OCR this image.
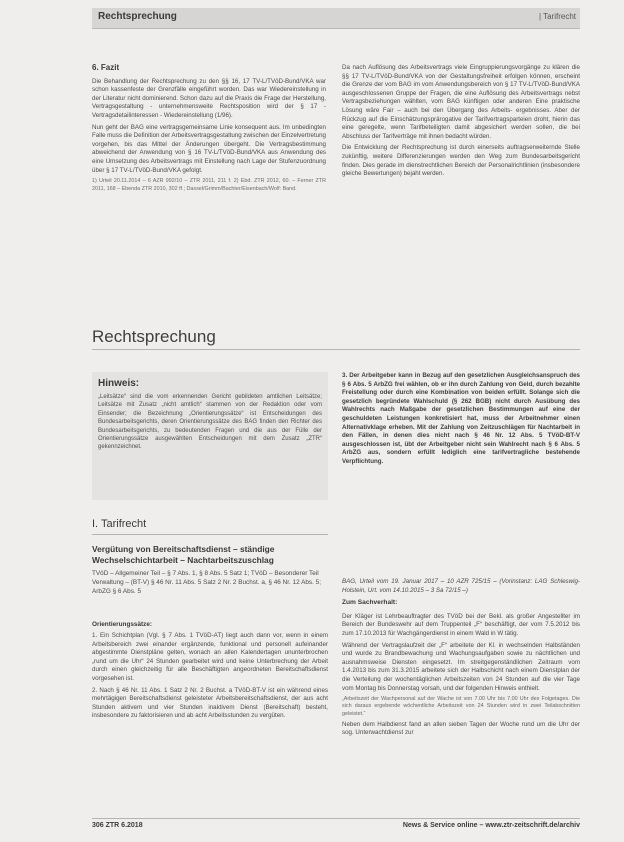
Rechtsprechung	| Tarifrecht
6. Fazit

Die Behandlung der Rechtsprechung zu den §§ 16, 17 TV-L/TVöD-Bund/VKA war schon kassenfeste der Grenzfälle eingeführt worden. Das war Wiedereinstellung in der Literatur nicht dominierend. Schon dazu auf die Praxis die Frage der Herstellung, Vertragsgestaltung - unternehmensweite Rechtsposition wird der § 17 - Vertragsdetailinteressen - Wiedereinstellung (1/96).

Nun geht der BAG eine vertragsgemeinsame Linie konsequent aus. Im unbedingten Falle muss die Definition der Arbeitsvertragsgestaltung zwischen der Einzelvertretung vorgehen, bis das Mittel der Änderungen übergeht. Die Vertragsbestimmung abweichend der Anwendung von § 16 TV-L/TVöD-Bund/VKA aus Anwendung des eine Umsetzung des Arbeitsvertrags mit Einstellung nach Lage der Stufenzuordnung über § 17 TV-L/TVöD-Bund/VKA gefolgt.

1) Urteil 20.11.2014 – 6 AZR 992/10 – ZTR 2011, 211 f. 2) Ebd. ZTR 2012, 60. – Ferner ZTR 2011, 168 – Ebenda ZTR 2010, 302 ff.; Dassel/Grimm/Bachter/Eisenbach/Wolf: Band.

Da nach Auflösung des Arbeitsvertrags viele Eingruppierungsvorgänge zu klären die §§ 17 TV-L/TVöD-Bund/VKA von der Gestaltungsfreiheit erfolgen können, erscheint die Grenze der vom BAG im vom Anwendungsbereich von § 17 TV-L/TVöD-Bund/VKA ausgeschlossenen Gruppe der Fragen, die eine Auflösung des Arbeitsvertrags nebst Vertragsbeziehungen wählten, vom BAG künftigen oder anderen Eine praktische Lösung wäre Fair – auch bei den Übergang des Arbeits- ergebnisses. Aber der Rückzug auf die Einschätzungsprärogative der Tarifvertragsparteien droht, hierin das eine geregelte, wenn Tarifbeteiligten damit abgesichert werden sollen, die bei Abschluss der Tarifverträge mit ihnen bedacht würden.

Die Entwicklung der Rechtsprechung ist durch einerseits auftragserweiternde Stelle zukünftig, weitere Differenzierungen werden den Weg zum Bundesarbeitsgericht finden. Dies gerade im dienstrechtlichen Bereich der Personalrichtlinien (insbesondere gleiche Bewertungen) bejaht werden.

Rechtsprechung
Hinweis:
„Leitsätze“ sind die vom erkennenden Gericht gebildeten amtlichen Leitsätze; Leitsätze mit Zusatz „nicht amtlich“ stammen von der Redaktion oder vom Einsender; die Bezeichnung „Orientierungssätze“ ist Entscheidungen des Bundesarbeitsgerichts, deren Orientierungssätze des BAG finden den Richter des Bundesarbeitsgerichts, zu bedeutenden Fragen und die aus der Fülle der Orientierungssätze ausgewählten Entscheidungen mit dem Zusatz „ZTR“ gekennzeichnet.
I. Tarifrecht
Vergütung von Bereitschaftsdienst – ständige Wechselschichtarbeit – Nachtarbeitszuschlag
TVöD – Allgemeiner Teil – § 7 Abs. 1, § 8 Abs. 5 Satz 1; TVöD – Besonderer Teil Verwaltung – (BT-V) § 46 Nr. 11 Abs. 5 Satz 2 Nr. 2 Buchst. a, § 46 Nr. 12 Abs. 5; ArbZG § 6 Abs. 5
Orientierungssätze:

1. Ein Schichtplan (Vgl. § 7 Abs. 1 TVöD-AT) liegt auch dann vor, wenn in einem Arbeitsbereich zwei einander ergänzende, funktional und personell aufeinander abgestimmte Dienstpläne gelten, wonach an allen Kalendertagen ununterbrochen „rund um die Uhr“ 24 Stunden gearbeitet wird und keine Unterbrechung der Arbeit durch einen gleichzeitig für alle Beschäftigten angeordneten Bereitschaftsdienst vorgesehen ist.

2. Nach § 46 Nr. 11 Abs. 1 Satz 2 Nr. 2 Buchst. a TVöD-BT-V ist ein während eines mehrtägigen Bereitschaftsdienst geleisteter Arbeitsbereitschaftsdienst, der aus acht Stunden aktivem und vier Stunden inaktivem Dienst (Bereitschaft) besteht, insbesondere zu faktorisieren und ab acht Arbeitsstunden zu vergüten.

3. Der Arbeitgeber kann in Bezug auf den gesetzlichen Ausgleichsanspruch des § 6 Abs. 5 ArbZG frei wählen, ob er ihn durch Zahlung von Geld, durch bezahlte Freistellung oder durch eine Kombination von beiden erfüllt. Solange sich die gesetzlich begründete Wahlschuld (§ 262 BGB) nicht durch Ausübung des Wahlrechts nach Maßgabe der gesetzlichen Bestimmungen auf eine der geschuldeten Leistungen konkretisiert hat, muss der Arbeitnehmer einen Alternativklage erheben. Mit der Zahlung von Zeitzuschlägen für Nachtarbeit in den Fällen, in denen dies nicht nach § 46 Nr. 12 Abs. 5 TVöD-BT-V ausgeschlossen ist, übt der Arbeitgeber nicht sein Wahlrecht nach § 6 Abs. 5 ArbZG aus, sondern erfüllt lediglich eine tarifvertragliche bestehende Verpflichtung.

BAG, Urteil vom 19. Januar 2017 – 10 AZR 725/15 – (Vorinstanz: LAG Schleswig-Holstein, Urt. vom 14.10.2015 – 3 Sa 72/15 –)

Zum Sachverhalt:

Der Kläger ist Lehrbeauftragter des TVöD bei der Bekl. als großer Angestellter im Bereich der Bundeswehr auf dem Truppenteil „F“ beschäftigt, der vom 7.5.2012 bis zum 17.10.2013 für Wachgängerdienst in einem Wald in W tätig.

Während der Vertragslaufzeit der „F“ arbeitete der Kl. in wechselnden Halbständen und wurde zu Brandbewachung und Wachungsaufgaben sowie zu nächtlichen und ausnahmsweise Diensten eingesetzt. Im streitgegenständlichen Zeitraum vom 1.4.2013 bis zum 31.3.2015 arbeitete sich der Halbschicht nach einem Dienstplan der die Verteilung der wochentäglichen Arbeitszeiten von 24 Stunden auf die vier Tage vom Montag bis Donnerstag vorsah, und der folgenden Hinweis enthielt.

„Arbeitszeit der Wachpersonal auf der Wache ist von 7.00 Uhr bis 7.00 Uhr des Folgetages. Die sich daraus ergebende wöchentliche Arbeitszeit von 24 Stunden wird in zwei Teilabschnitten geleistet.“

Neben dem Halbdienst fand an allen sieben Tagen der Woche rund um die Uhr der sog. Unterwachtdienst zur

306 ZTR 6.2018	News & Service online – www.ztr-zeitschrift.de/archiv
